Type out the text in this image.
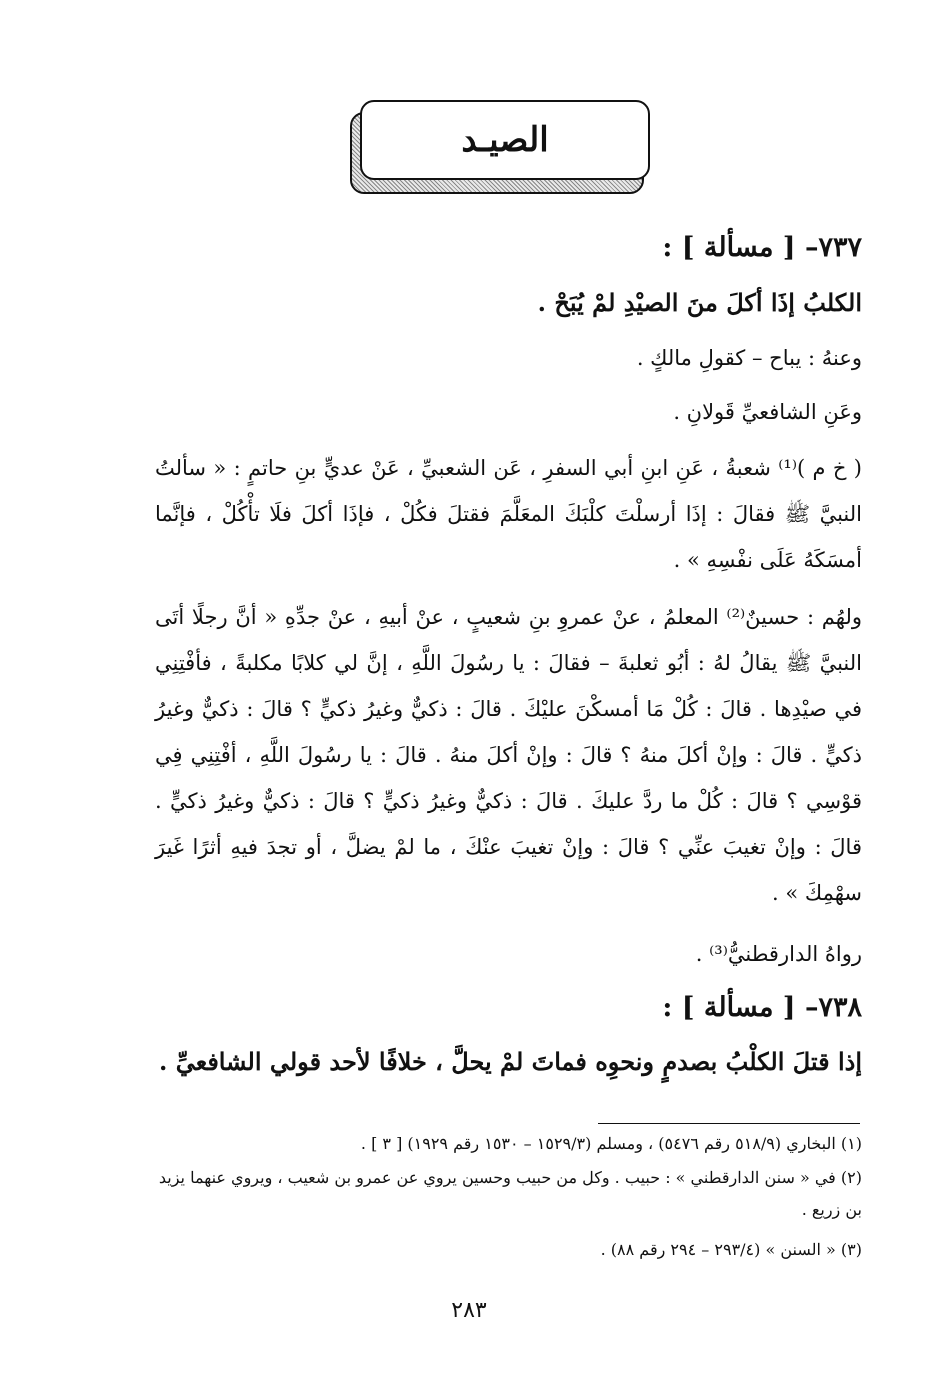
الصيـد
٧٣٧– [ مسألة ] :
الكلبُ إذَا أكلَ منَ الصيْدِ لمْ يُبَحْ .
وعنهُ : يباح – كقولِ مالكٍ .
وعَنِ الشافعيِّ قَولانِ .
( خ م )⁽¹⁾ شعبةُ ، عَنِ ابنِ أبي السفرِ ، عَن الشعبيِّ ، عَنْ عديٍّ بنِ حاتمٍ : « سألتُ النبيَّ ﷺ فقالَ : إذَا أرسلْتَ كلْبَكَ المعَلَّمَ فقتلَ فكُلْ ، فإذَا أكلَ فلَا تأْكُلْ ، فإنَّما أمسَكَهُ عَلَى نفْسِهِ » .
ولهُم : حسينٌ⁽²⁾ المعلمُ ، عنْ عمروِ بنِ شعيبٍ ، عنْ أبيهِ ، عنْ جدِّهِ « أنَّ رجلًا أتَى النبيَّ ﷺ يقالُ لهُ : أبُو ثعلبةَ – فقالَ : يا رسُولَ اللَّهِ ، إنَّ لي كلابًا مكلبةً ، فأفْتِنِي في صيْدِها . قالَ : كُلْ مَا أمسكْنَ عليْكَ . قالَ : ذكيٌّ وغيرُ ذكيٍّ ؟ قالَ : ذكيٌّ وغيرُ ذكيٍّ . قالَ : وإنْ أكلَ منهُ ؟ قالَ : وإنْ أكلَ منهُ . قالَ : يا رسُولَ اللَّهِ ، أفْتِنِي فِي قوْسِي ؟ قالَ : كُلْ ما ردَّ عليكَ . قالَ : ذكيٌّ وغيرُ ذكيٍّ ؟ قالَ : ذكيٌّ وغيرُ ذكيٍّ . قالَ : وإنْ تغيبَ عنِّي ؟ قالَ : وإنْ تغيبَ عنْكَ ، ما لمْ يضلَّ ، أو تجدَ فيهِ أثرًا غَيرَ سهْمِكَ » .
رواهُ الدارقطنيُّ⁽³⁾ .
٧٣٨– [ مسألة ] :
إذا قتلَ الكلْبُ بصدمٍ ونحوِه فماتَ لمْ يحلَّ ، خلافًا لأحد قولي الشافعيِّ .
(١) البخاري (٥١٨/٩ رقم ٥٤٧٦) ، ومسلم (١٥٢٩/٣ – ١٥٣٠ رقم ١٩٢٩) [ ٣ ] .
(٢) في « سنن الدارقطني » : حبيب . وكل من حبيب وحسين يروي عن عمرو بن شعيب ، ويروي عنهما يزيد بن زريع .
(٣) « السنن » (٢٩٣/٤ – ٢٩٤ رقم ٨٨) .
٢٨٣
